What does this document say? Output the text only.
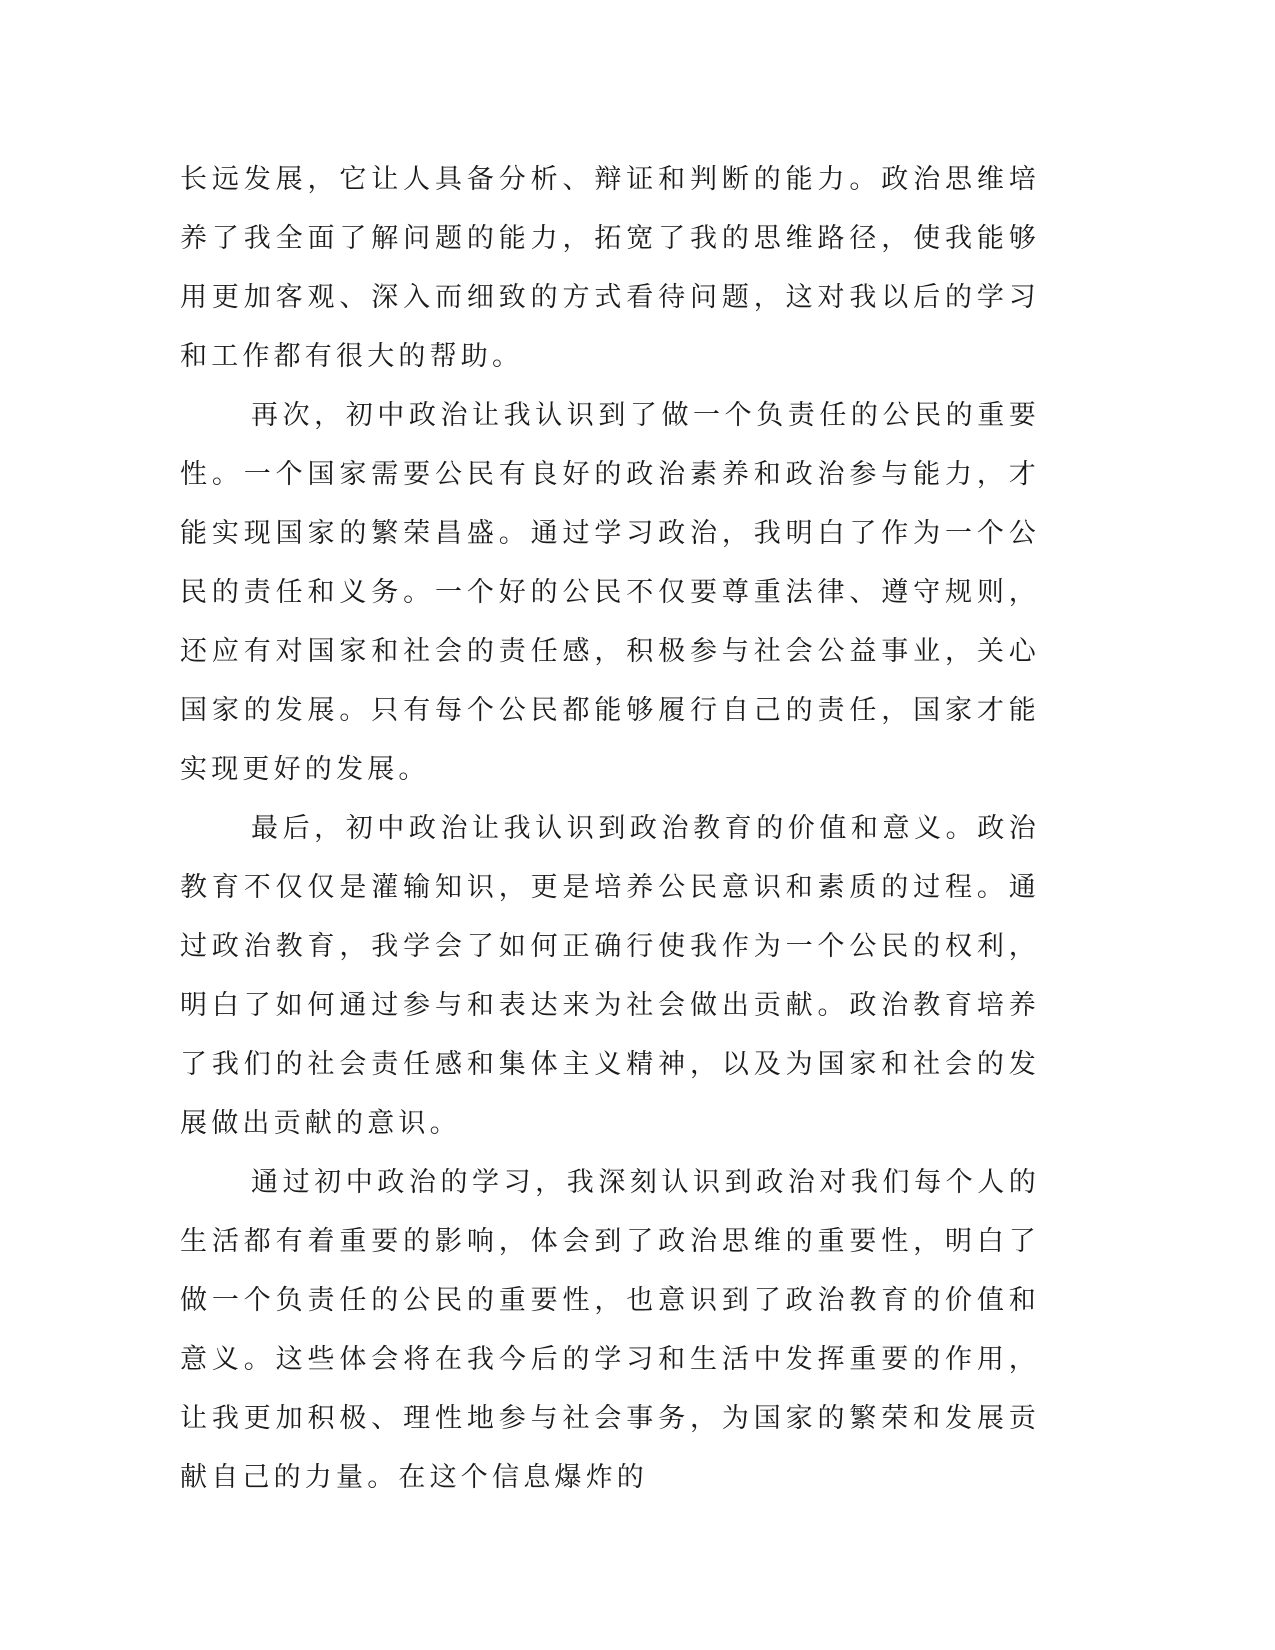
长远发展，它让人具备分析、辩证和判断的能力。政治思维培养了我全面了解问题的能力，拓宽了我的思维路径，使我能够用更加客观、深入而细致的方式看待问题，这对我以后的学习和工作都有很大的帮助。

再次，初中政治让我认识到了做一个负责任的公民的重要性。一个国家需要公民有良好的政治素养和政治参与能力，才能实现国家的繁荣昌盛。通过学习政治，我明白了作为一个公民的责任和义务。一个好的公民不仅要尊重法律、遵守规则，还应有对国家和社会的责任感，积极参与社会公益事业，关心国家的发展。只有每个公民都能够履行自己的责任，国家才能实现更好的发展。

最后，初中政治让我认识到政治教育的价值和意义。政治教育不仅仅是灌输知识，更是培养公民意识和素质的过程。通过政治教育，我学会了如何正确行使我作为一个公民的权利，明白了如何通过参与和表达来为社会做出贡献。政治教育培养了我们的社会责任感和集体主义精神，以及为国家和社会的发展做出贡献的意识。

通过初中政治的学习，我深刻认识到政治对我们每个人的生活都有着重要的影响，体会到了政治思维的重要性，明白了做一个负责任的公民的重要性，也意识到了政治教育的价值和意义。这些体会将在我今后的学习和生活中发挥重要的作用，让我更加积极、理性地参与社会事务，为国家的繁荣和发展贡献自己的力量。在这个信息爆炸的
